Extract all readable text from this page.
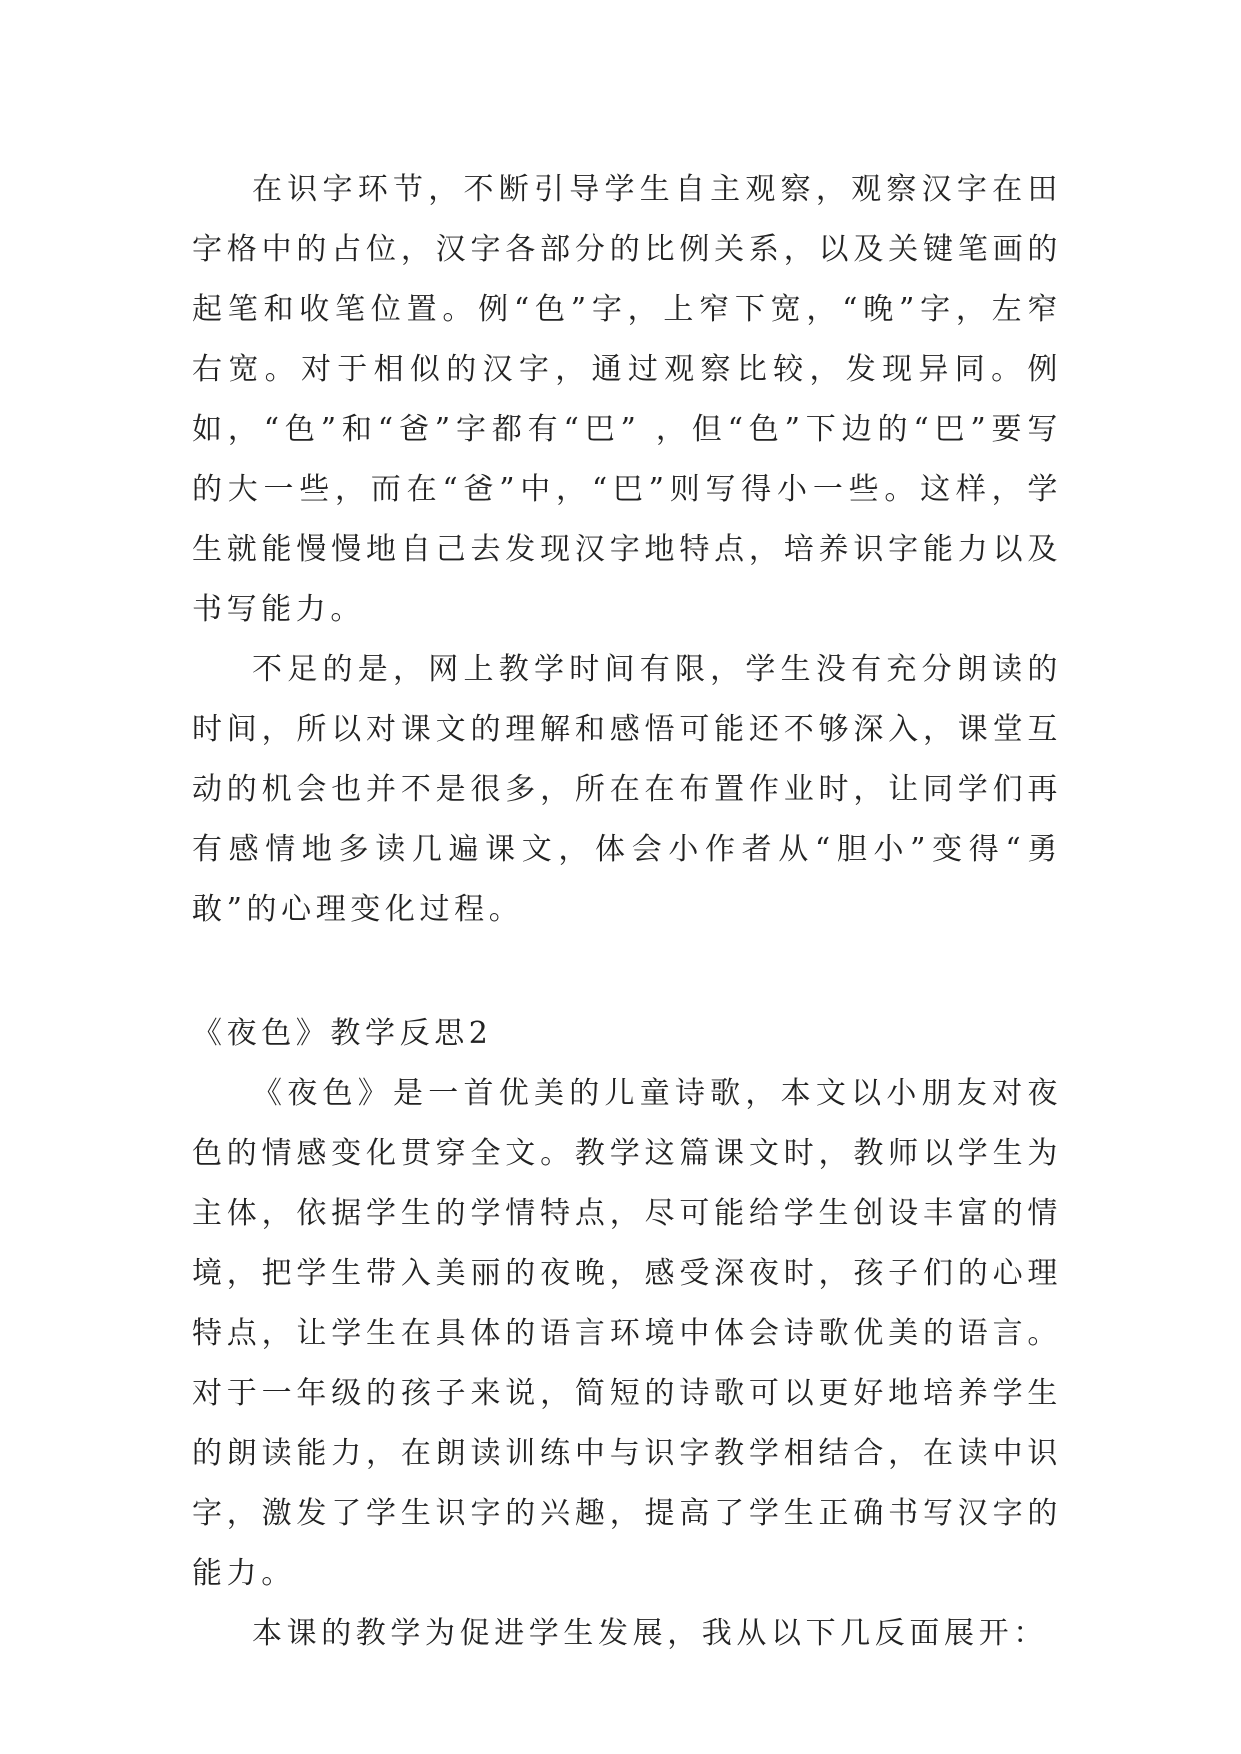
在识字环节，不断引导学生自主观察，观察汉字在田字格中的占位，汉字各部分的比例关系，以及关键笔画的起笔和收笔位置。例“色”字，上窄下宽，“晚”字，左窄右宽。对于相似的汉字，通过观察比较，发现异同。例如，“色”和“爸”字都有“巴” ，但“色”下边的“巴”要写的大一些，而在“爸”中，“巴”则写得小一些。这样，学生就能慢慢地自己去发现汉字地特点，培养识字能力以及书写能力。

不足的是，网上教学时间有限，学生没有充分朗读的时间，所以对课文的理解和感悟可能还不够深入，课堂互动的机会也并不是很多，所在在布置作业时，让同学们再有感情地多读几遍课文，体会小作者从“胆小”变得“勇敢”的心理变化过程。

《夜色》教学反思2

《夜色》是一首优美的儿童诗歌，本文以小朋友对夜色的情感变化贯穿全文。教学这篇课文时，教师以学生为主体，依据学生的学情特点，尽可能给学生创设丰富的情境，把学生带入美丽的夜晚，感受深夜时，孩子们的心理特点，让学生在具体的语言环境中体会诗歌优美的语言。对于一年级的孩子来说，简短的诗歌可以更好地培养学生的朗读能力，在朗读训练中与识字教学相结合，在读中识字，激发了学生识字的兴趣，提高了学生正确书写汉字的能力。

本课的教学为促进学生发展，我从以下几反面展开：
